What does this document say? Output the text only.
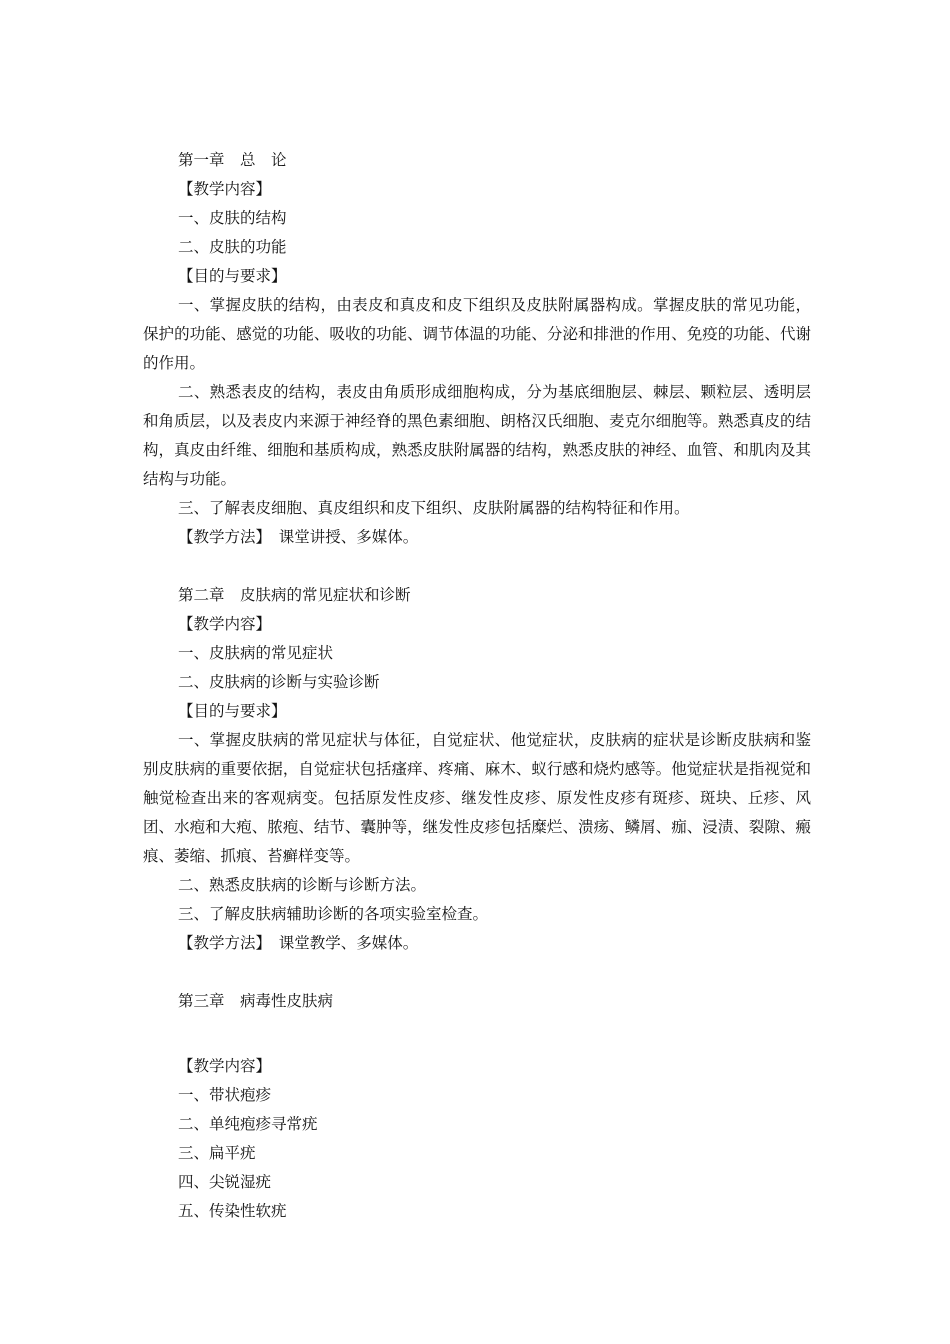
第一章　总　论

【教学内容】

一、皮肤的结构

二、皮肤的功能

【目的与要求】

一、掌握皮肤的结构，由表皮和真皮和皮下组织及皮肤附属器构成。掌握皮肤的常见功能，保护的功能、感觉的功能、吸收的功能、调节体温的功能、分泌和排泄的作用、免疫的功能、代谢的作用。

二、熟悉表皮的结构，表皮由角质形成细胞构成，分为基底细胞层、棘层、颗粒层、透明层和角质层，以及表皮内来源于神经脊的黑色素细胞、朗格汉氏细胞、麦克尔细胞等。熟悉真皮的结构，真皮由纤维、细胞和基质构成，熟悉皮肤附属器的结构，熟悉皮肤的神经、血管、和肌肉及其结构与功能。

三、了解表皮细胞、真皮组织和皮下组织、皮肤附属器的结构特征和作用。

【教学方法】　课堂讲授、多媒体。

第二章　皮肤病的常见症状和诊断

【教学内容】

一、皮肤病的常见症状

二、皮肤病的诊断与实验诊断

【目的与要求】

一、掌握皮肤病的常见症状与体征，自觉症状、他觉症状，皮肤病的症状是诊断皮肤病和鉴别皮肤病的重要依据，自觉症状包括瘙痒、疼痛、麻木、蚁行感和烧灼感等。他觉症状是指视觉和触觉检查出来的客观病变。包括原发性皮疹、继发性皮疹、原发性皮疹有斑疹、斑块、丘疹、风团、水疱和大疱、脓疱、结节、囊肿等，继发性皮疹包括糜烂、溃疡、鳞屑、痂、浸渍、裂隙、瘢痕、萎缩、抓痕、苔癣样变等。

二、熟悉皮肤病的诊断与诊断方法。

三、了解皮肤病辅助诊断的各项实验室检查。

【教学方法】　课堂教学、多媒体。

第三章　病毒性皮肤病

【教学内容】

一、带状疱疹

二、单纯疱疹寻常疣

三、扁平疣

四、尖锐湿疣

五、传染性软疣
